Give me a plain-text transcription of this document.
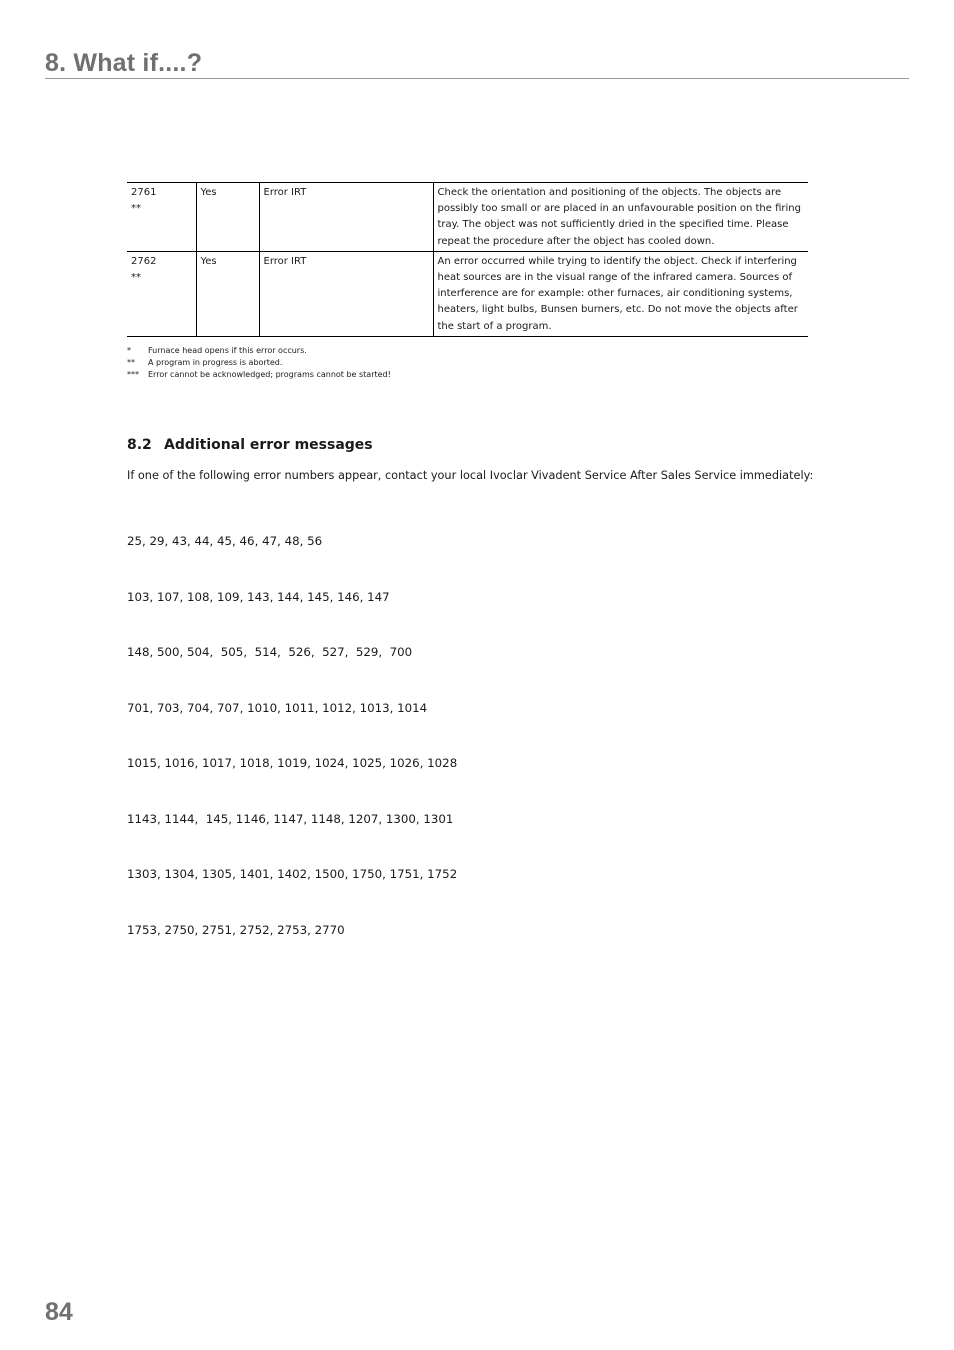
8. What if....?
2761
**	Yes	Error IRT	Check the orientation and positioning of the objects. The objects are possibly too small or are placed in an unfavourable position on the firing tray. The object was not sufficiently dried in the specified time. Please repeat the procedure after the object has cooled down.

2762
**	Yes	Error IRT	An error occurred while trying to identify the object. Check if interfering heat sources are in the visual range of the infrared camera. Sources of interference are for example: other furnaces, air conditioning systems, heaters, light bulbs, Bunsen burners, etc. Do not move the objects after the start of a program.
*	Furnace head opens if this error occurs.
**	A program in progress is aborted.
***	Error cannot be acknowledged; programs cannot be started!
8.2 Additional error messages

If one of the following error numbers appear, contact your local Ivoclar Vivadent Service After Sales Service immediately:

25, 29, 43, 44, 45, 46, 47, 48, 56

103, 107, 108, 109, 143, 144, 145, 146, 147

148, 500, 504,  505,  514,  526,  527,  529,  700

701, 703, 704, 707, 1010, 1011, 1012, 1013, 1014

1015, 1016, 1017, 1018, 1019, 1024, 1025, 1026, 1028

1143, 1144,  145, 1146, 1147, 1148, 1207, 1300, 1301

1303, 1304, 1305, 1401, 1402, 1500, 1750, 1751, 1752

1753, 2750, 2751, 2752, 2753, 2770

84
